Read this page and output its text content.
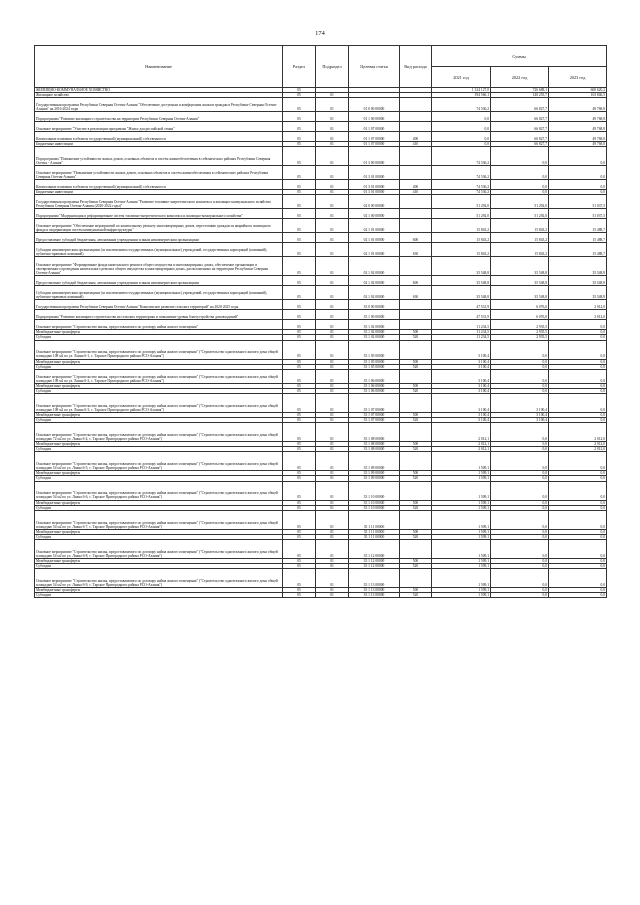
174
Наименование	Раздел	Подраздел	Целевая статья	Вид расхода	Суммы		
					2021 год	2022 год	2023 год
ЖИЛИЩНО-КОММУНАЛЬНОЕ ХОЗЯЙСТВО	05				1 314 127,0	726 688,1	600 620,2
Жилищное хозяйство	05	01			194 566,1	140 255,7	163 846,5
Государственная программа Республики Северная Осетия-Алания "Обеспечение доступным и комфортным жильем граждан в Республике Северная Осетия-Алания" на 2016-2024 годы	05	01	01 0 00 00000		74 536,2	66 827,7	49 768,8
Подпрограмма "Развитие жилищного строительства на территории Республики Северная Осетия-Алания"	05	01	01 1 00 00000		0,0	66 827,7	49 768,8
Основное мероприятие "Участие в реализации программы "Жилье для российской семьи"	05	01	01 1 07 00000		0,0	66 827,7	49 768,8
Капитальные вложения в объекты государственной (муниципальной) собственности	05	01	01 1 07 00000	400	0,0	66 827,7	49 768,8
Бюджетные инвестиции	05	01	01 1 07 00000	410	0,0	66 827,7	49 768,8
Подпрограмма "Повышение устойчивости жилых домов, основных объектов и систем жизнеобеспечения в сейсмических районах Республики Северная Осетия - Алания"	05	01	01 3 00 00000		74 536,2	0,0	0,0
Основное мероприятие "Повышение устойчивости жилых домов, основных объектов и систем жизнеобеспечения в сейсмических районах Республики Северная Осетия-Алания"	05	01	01 3 01 00000		74 536,2	0,0	0,0
Капитальные вложения в объекты государственной (муниципальной) собственности	05	01	01 3 01 00000	400	74 536,2	0,0	0,0
Бюджетные инвестиции	05	01	01 3 01 00000	410	74 536,2	0,0	0,0
Государственная программа Республики Северная Осетия-Алания "Развитие топливно-энергетического комплекса и жилищно-коммунального хозяйства Республики Северная Осетия-Алания (2020-2022 годы)"	05	01	02 0 00 00000		51 292,0	51 292,0	51 037,5
Подпрограмма "Модернизация и реформирование систем топливно-энергетического комплекса и жилищно-коммунального хозяйства"	05	01	02 1 00 00000		51 292,0	51 292,0	51 037,5
Основное мероприятие "Обеспечение мероприятий по капитальному ремонту многоквартирных домов, переселению граждан из аварийного жилищного фонда и модернизации систем коммунальной инфраструктуры"	05	01	02 1 01 00000		15 843,2	15 843,2	15 488,7
Предоставление субсидий бюджетным, автономным учреждениям и иным некоммерческим организациям	05	01	02 1 01 00000	600	15 843,2	15 843,2	15 488,7
Субсидии некоммерческим организациям (за исключением государственных (муниципальных) учреждений, государственных корпораций (компаний), публично-правовых компаний)	05	01	02 1 01 00000	630	15 843,2	15 843,2	15 488,7
Основное мероприятие "Формирование фонда капитального ремонта общего имущества в многоквартирных домах, обеспечение организации и своевременного проведения капитального ремонта общего имущества в многоквартирных домах, расположенных на территории Республики Северная Осетия-Алания"	05	01	02 1 02 00000		35 548,8	35 548,8	35 548,8
Предоставление субсидий бюджетным, автономным учреждениям и иным некоммерческим организациям	05	01	02 1 02 00000	600	35 548,8	35 548,8	35 548,8
Субсидии некоммерческим организациям (за исключением государственных (муниципальных) учреждений, государственных корпораций (компаний), публично-правовых компаний)	05	01	02 1 02 00000	630	35 548,8	35 548,8	35 548,8
Государственная программа Республики Северная Осетия-Алания "Комплексное развитие сельских территорий" на 2020-2025 годы	05	01	35 0 00 00000		47 531,9	6 076,0	2 012,0
Подпрограмма "Развитие жилищного строительства на сельских территориях и повышение уровня благоустройства домовладений"	05	01	35 1 00 00000		47 531,9	6 076,0	2 012,0
Основное мероприятие "Строительство жилья, предоставляемого по договору найма жилого помещения"	05	01	35 1 02 00000		11 234,5	2 935,5	0,0
Межбюджетные трансферты	05	01	35 1 02 00000	500	11 234,5	2 935,5	0,0
Субсидии	05	01	35 1 02 00000	520	11 234,5	2 935,5	0,0
Основное мероприятие "Строительство жилья, предоставляемого по договору найма жилого помещения" ("Строительство одноэтажного жилого дома общей площадью 108 м2 по ул. Лиана 6-1, с. Тарское Пригородного района РСО-Алания")	05	01	35 1 05 00000		3 100,4	0,0	0,0
Межбюджетные трансферты	05	01	35 1 05 00000	500	3 100,4	0,0	0,0
Субсидии	05	01	35 1 05 00000	520	3 100,4	0,0	0,0
Основное мероприятие "Строительство жилья, предоставляемого по договору найма жилого помещения" ("Строительство одноэтажного жилого дома общей площадью 108 м2 по ул. Лиана 6-2, с. Тарское Пригородного района РСО-Алания")	05	01	35 1 06 00000		3 100,4	0,0	0,0
Межбюджетные трансферты	05	01	35 1 06 00000	500	3 100,4	0,0	0,0
Субсидии	05	01	35 1 06 00000	520	3 100,4	0,0	0,0
Основное мероприятие "Строительство жилья, предоставляемого по договору найма жилого помещения" ("Строительство одноэтажного жилого дома общей площадью 108 м2 по ул. Лиана 6-3, с. Тарское Пригородного района РСО-Алания")	05	01	35 1 07 00000		3 100,4	3 100,4	0,0
Межбюджетные трансферты	05	01	35 1 07 00000	500	3 100,4	3 100,4	0,0
Субсидии	05	01	35 1 07 00000	520	3 100,4	3 100,4	0,0
Основное мероприятие "Строительство жилья, предоставляемого по договору найма жилого помещения" ("Строительство одноэтажного жилого дома общей площадью 72 м2 по ул. Лиана 6-4, с. Тарское Пригородного района РСО-Алания")	05	01	35 1 08 00000		2 012,1	0,0	2 012,0
Межбюджетные трансферты	05	01	35 1 08 00000	500	2 012,1	0,0	2 012,0
Субсидии	05	01	35 1 08 00000	520	2 012,1	0,0	2 012,0
Основное мероприятие "Строительство жилья, предоставляемого по договору найма жилого помещения" ("Строительство одноэтажного жилого дома общей площадью 54 м2 по ул. Лиана 6-5, с. Тарское Пригородного района РСО-Алания")	05	01	35 1 09 00000		1 509,1	0,0	0,0
Межбюджетные трансферты	05	01	35 1 09 00000	500	1 509,1	0,0	0,0
Субсидии	05	01	35 1 09 00000	520	1 509,1	0,0	0,0
Основное мероприятие "Строительство жилья, предоставляемого по договору найма жилого помещения" ("Строительство одноэтажного жилого дома общей площадью 54 м2 по ул. Лиана 6-6, с. Тарское Пригородного района РСО-Алания")	05	01	35 1 10 00000		1 509,1	0,0	0,0
Межбюджетные трансферты	05	01	35 1 10 00000	500	1 509,1	0,0	0,0
Субсидии	05	01	35 1 10 00000	520	1 509,1	0,0	0,0
Основное мероприятие "Строительство жилья, предоставляемого по договору найма жилого помещения" ("Строительство одноэтажного жилого дома общей площадью 54 м2 по ул. Лиана 6-7, с. Тарское Пригородного района РСО-Алания")	05	01	35 1 11 00000		1 509,1	0,0	0,0
Межбюджетные трансферты	05	01	35 1 11 00000	500	1 509,1	0,0	0,0
Субсидии	05	01	35 1 11 00000	520	1 509,1	0,0	0,0
Основное мероприятие "Строительство жилья, предоставляемого по договору найма жилого помещения" ("Строительство одноэтажного жилого дома общей площадью 54 м2 по ул. Лиана 6-8, с. Тарское Пригородного района РСО-Алания")	05	01	35 1 12 00000		1 509,1	0,0	0,0
Межбюджетные трансферты	05	01	35 1 12 00000	500	1 509,1	0,0	0,0
Субсидии	05	01	35 1 12 00000	520	1 509,1	0,0	0,0
Основное мероприятие "Строительство жилья, предоставляемого по договору найма жилого помещения" ("Строительство одноэтажного жилого дома общей площадью 54 м2 по ул. Лиана 6-9, с. Тарское Пригородного района РСО-Алания")	05	01	35 1 13 00000		1 509,1	0,0	0,0
Межбюджетные трансферты	05	01	35 1 13 00000	500	1 509,1	0,0	0,0
Субсидии	05	01	35 1 13 00000	520	1 509,1	0,0	0,0
